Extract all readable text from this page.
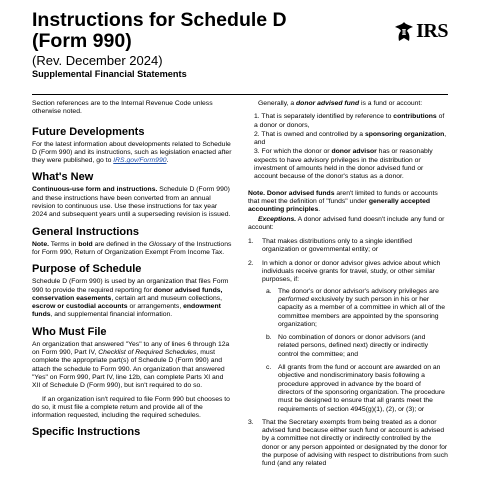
Instructions for Schedule D
(Form 990)
(Rev. December 2024)
Supplemental Financial Statements
IRS

Section references are to the Internal Revenue Code unless otherwise noted.

Future Developments

For the latest information about developments related to Schedule D (Form 990) and its instructions, such as legislation enacted after they were published, go to IRS.gov/Form990.

What's New

Continuous-use form and instructions. Schedule D (Form 990) and these instructions have been converted from an annual revision to continuous use. Use these instructions for tax year 2024 and subsequent years until a superseding revision is issued.

General Instructions

Note. Terms in bold are defined in the Glossary of the Instructions for Form 990, Return of Organization Exempt From Income Tax.

Purpose of Schedule

Schedule D (Form 990) is used by an organization that files Form 990 to provide the required reporting for donor advised funds, conservation easements, certain art and museum collections, escrow or custodial accounts or arrangements, endowment funds, and supplemental financial information.

Who Must File

An organization that answered "Yes" to any of lines 6 through 12a on Form 990, Part IV, Checklist of Required Schedules, must complete the appropriate part(s) of Schedule D (Form 990) and attach the schedule to Form 990. An organization that answered "Yes" on Form 990, Part IV, line 12b, can complete Parts XI and XII of Schedule D (Form 990), but isn't required to do so.

If an organization isn't required to file Form 990 but chooses to do so, it must file a complete return and provide all of the information requested, including the required schedules.

Specific Instructions

Generally, a donor advised fund is a fund or account:

1. That is separately identified by reference to contributions of a donor or donors,

2. That is owned and controlled by a sponsoring organization, and

3. For which the donor or donor advisor has or reasonably expects to have advisory privileges in the distribution or investment of amounts held in the donor advised fund or account because of the donor's status as a donor.

Note. Donor advised funds aren't limited to funds or accounts that meet the definition of "funds" under generally accepted accounting principles.

Exceptions. A donor advised fund doesn't include any fund or account:

1. That makes distributions only to a single identified organization or governmental entity; or
2. In which a donor or donor advisor gives advice about which individuals receive grants for travel, study, or other similar purposes, if:
a. The donor's or donor advisor's advisory privileges are performed exclusively by such person in his or her capacity as a member of a committee in which all of the committee members are appointed by the sponsoring organization;
b. No combination of donors or donor advisors (and related persons, defined next) directly or indirectly control the committee; and
c. All grants from the fund or account are awarded on an objective and nondiscriminatory basis following a procedure approved in advance by the board of directors of the sponsoring organization. The procedure must be designed to ensure that all grants meet the requirements of section 4945(g)(1), (2), or (3); or
3. That the Secretary exempts from being treated as a donor advised fund because either such fund or account is advised by a committee not directly or indirectly controlled by the donor or any person appointed or designated by the donor for the purpose of advising with respect to distributions from such fund (and any related
